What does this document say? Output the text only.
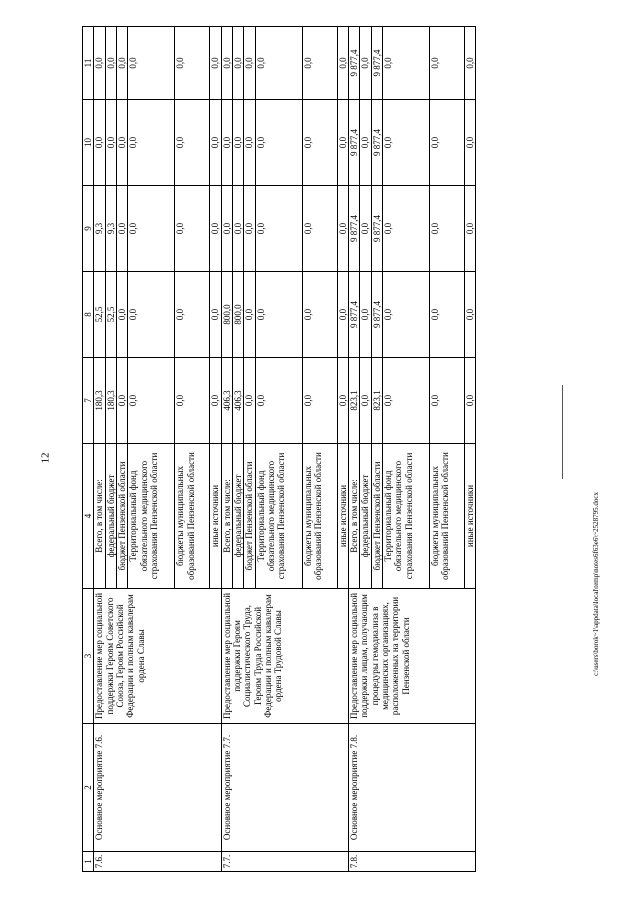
12
c:\users\borok~1\appdata\local\temp\notes6f63e6\~2528795.docx
1	2	3	4	7	8	9	10	11
7.6.	Основное мероприятие 7.6.	Предоставление мер социальной поддержки Героям Советского Союза, Героям Российской Федерации и полным кавалерам ордена Славы	Всего, в том числе:	180,3	52,5	9,3	0,0	0,0
			федеральный бюджет	180,3	52,5	9,3	0,0	0,0
			бюджет Пензенской области	0,0	0,0	0,0	0,0	0,0
			Территориальный фонд обязательного медицинского страхования Пензенской области	0,0	0,0	0,0	0,0	0,0
			бюджеты муниципальных образований Пензенской области	0,0	0,0	0,0	0,0	0,0
			иные источники	0,0	0,0	0,0	0,0	0,0
7.7.	Основное мероприятие 7.7.	Предоставление мер социальной поддержки Героям Социалистического Труда, Героям Труда Российской Федерации и полным кавалерам ордена Трудовой Славы	Всего, в том числе:	406,3	800,0	0,0	0,0	0,0
			федеральный бюджет	406,3	800,0	0,0	0,0	0,0
			бюджет Пензенской области	0,0	0,0	0,0	0,0	0,0
			Территориальный фонд обязательного медицинского страхования Пензенской области	0,0	0,0	0,0	0,0	0,0
			бюджеты муниципальных образований Пензенской области	0,0	0,0	0,0	0,0	0,0
			иные источники	0,0	0,0	0,0	0,0	0,0
7.8.	Основное мероприятие 7.8.	Предоставление мер социальной поддержки лицам, получающим процедуры гемодиализа в медицинских организациях, расположенных на территории Пензенской области	Всего, в том числе:	823,1	9 877,4	9 877,4	9 877,4	9 877,4
			федеральный бюджет	0,0	0,0	0,0	0,0	0,0
			бюджет Пензенской области	823,1	9 877,4	9 877,4	9 877,4	9 877,4
			Территориальный фонд обязательного медицинского страхования Пензенской области	0,0	0,0	0,0	0,0	0,0
			бюджеты муниципальных образований Пензенской области	0,0	0,0	0,0	0,0	0,0
			иные источники	0,0	0,0	0,0	0,0	0,0
